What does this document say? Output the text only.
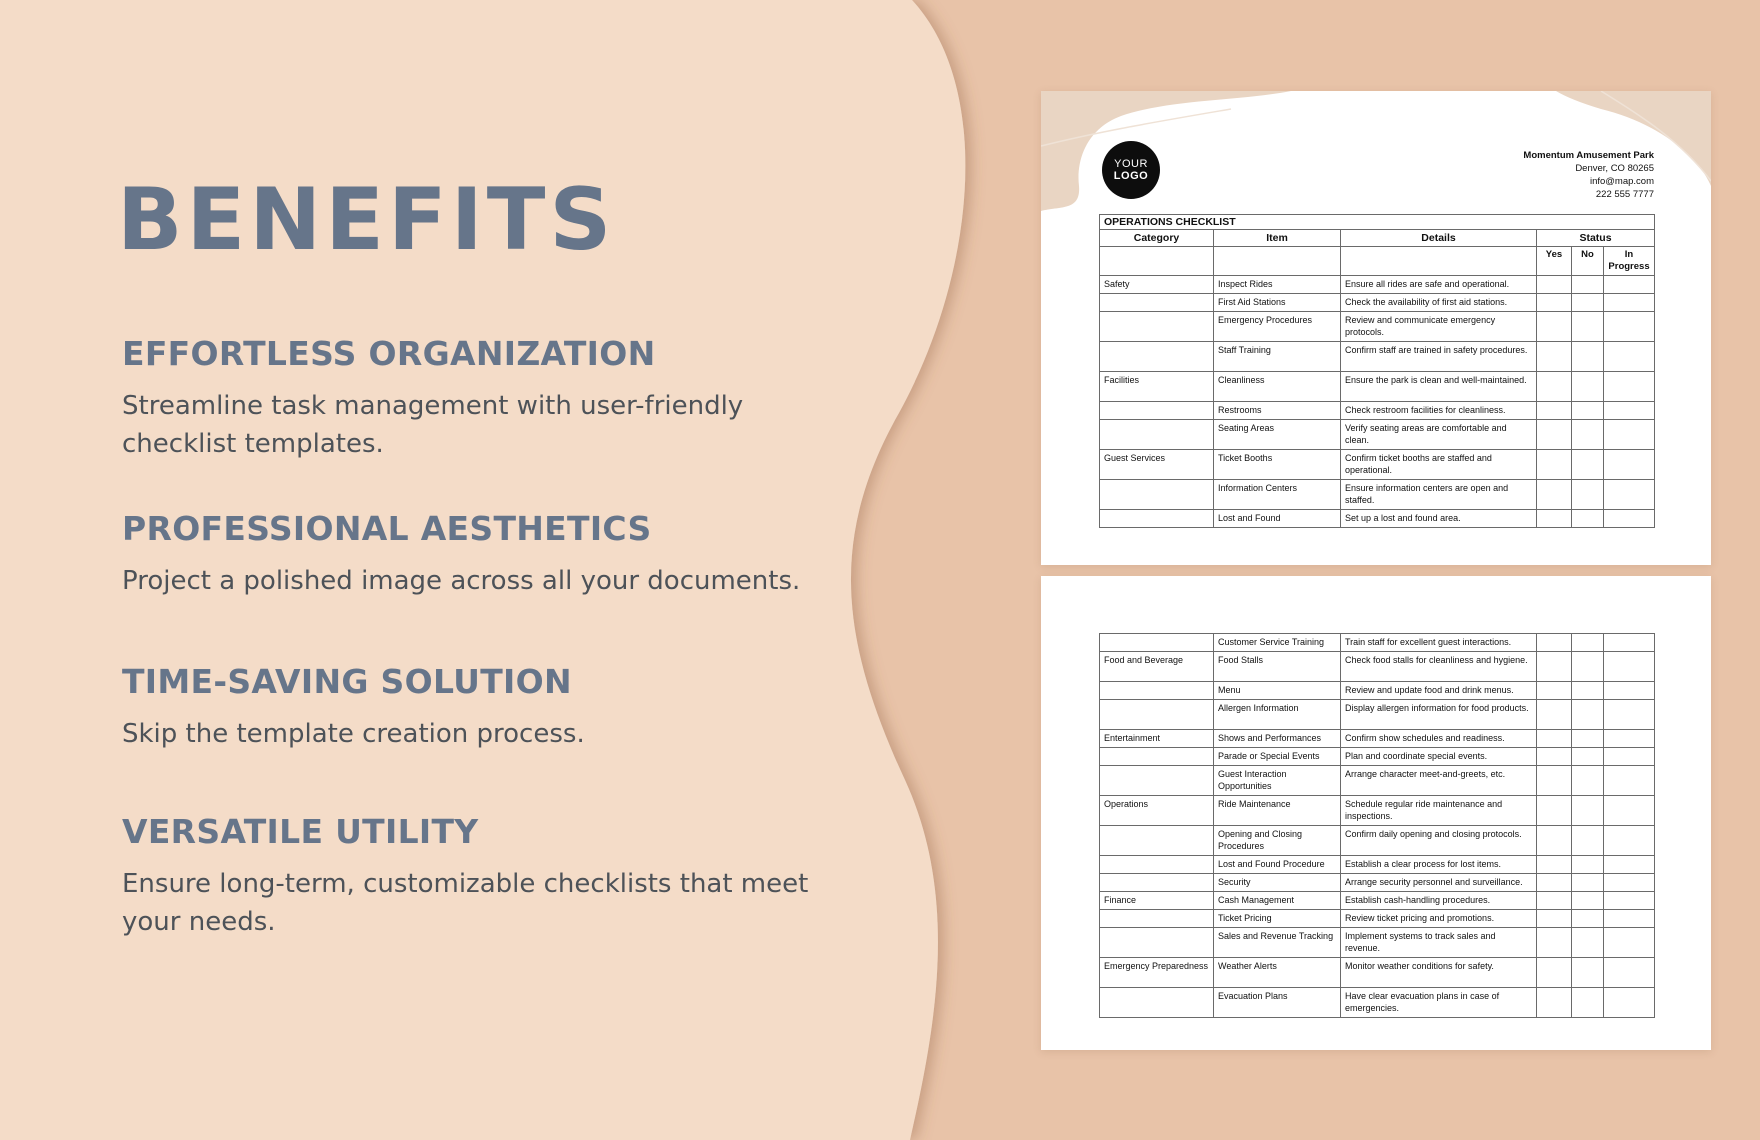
BENEFITS
EFFORTLESS ORGANIZATION

Streamline task management with user-friendly checklist templates.

PROFESSIONAL AESTHETICS

Project a polished image across all your documents.

TIME-SAVING SOLUTION

Skip the template creation process.

VERSATILE UTILITY

Ensure long-term, customizable checklists that meet your needs.

YOUR
LOGO
Momentum Amusement Park
Denver, CO 80265
info@map.com
222 555 7777
OPERATIONS CHECKLIST					
Category	Item	Details	Status		
			Yes	No	In Progress
Safety	Inspect Rides	Ensure all rides are safe and operational.			
	First Aid Stations	Check the availability of first aid stations.			
	Emergency Procedures	Review and communicate emergency protocols.			
	Staff Training	Confirm staff are trained in safety procedures.			
Facilities	Cleanliness	Ensure the park is clean and well-maintained.			
	Restrooms	Check restroom facilities for cleanliness.			
	Seating Areas	Verify seating areas are comfortable and clean.			
Guest Services	Ticket Booths	Confirm ticket booths are staffed and operational.			
	Information Centers	Ensure information centers are open and staffed.			
	Lost and Found	Set up a lost and found area.			
	Customer Service Training	Train staff for excellent guest interactions.			
Food and Beverage	Food Stalls	Check food stalls for cleanliness and hygiene.			
	Menu	Review and update food and drink menus.			
	Allergen Information	Display allergen information for food products.			
Entertainment	Shows and Performances	Confirm show schedules and readiness.			
	Parade or Special Events	Plan and coordinate special events.			
	Guest Interaction Opportunities	Arrange character meet-and-greets, etc.			
Operations	Ride Maintenance	Schedule regular ride maintenance and inspections.			
	Opening and Closing Procedures	Confirm daily opening and closing protocols.			
	Lost and Found Procedure	Establish a clear process for lost items.			
	Security	Arrange security personnel and surveillance.			
Finance	Cash Management	Establish cash-handling procedures.			
	Ticket Pricing	Review ticket pricing and promotions.			
	Sales and Revenue Tracking	Implement systems to track sales and revenue.			
Emergency Preparedness	Weather Alerts	Monitor weather conditions for safety.			
	Evacuation Plans	Have clear evacuation plans in case of emergencies.			
